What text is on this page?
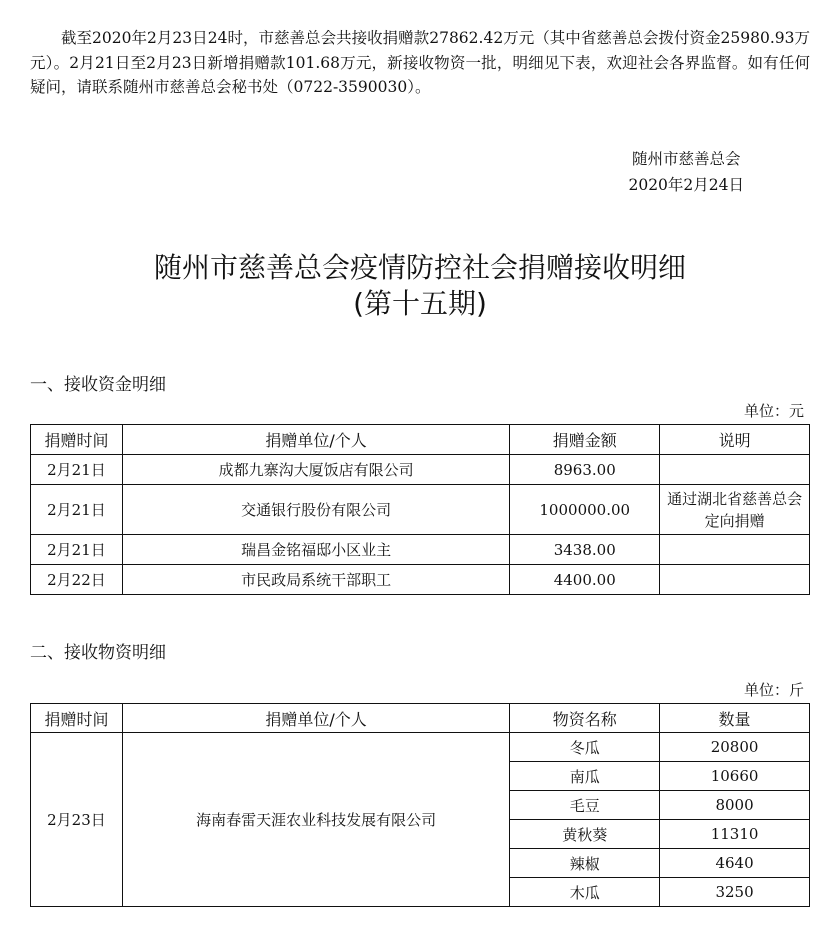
截至2020年2月23日24时，市慈善总会共接收捐赠款27862.42万元（其中省慈善总会拨付资金25980.93万元）。2月21日至2月23日新增捐赠款101.68万元，新接收物资一批，明细见下表，欢迎社会各界监督。如有任何疑问，请联系随州市慈善总会秘书处（0722-3590030）。
随州市慈善总会
2020年2月24日
随州市慈善总会疫情防控社会捐赠接收明细
(第十五期)
一、接收资金明细
单位：元
捐赠时间	捐赠单位/个人	捐赠金额	说明
2月21日	成都九寨沟大厦饭店有限公司	8963.00	
2月21日	交通银行股份有限公司	1000000.00	通过湖北省慈善总会定向捐赠
2月21日	瑞昌金铭福邸小区业主	3438.00	
2月22日	市民政局系统干部职工	4400.00	
二、接收物资明细
单位：斤
捐赠时间	捐赠单位/个人	物资名称	数量
2月23日	海南春雷天涯农业科技发展有限公司	冬瓜	20800
		南瓜	10660
		毛豆	8000
		黄秋葵	11310
		辣椒	4640
		木瓜	3250
